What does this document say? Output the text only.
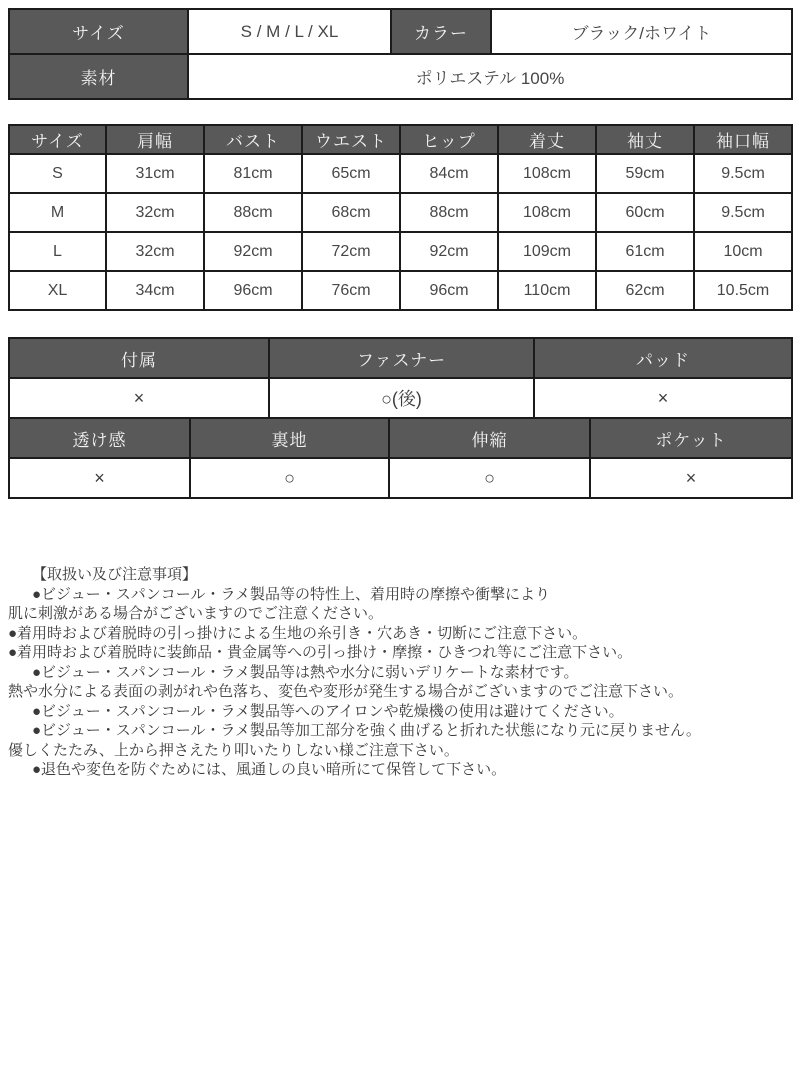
サイズ	S / M / L / XL	カラー	ブラック/ホワイト
素材	ポリエステル 100%		
サイズ	肩幅	バスト	ウエスト	ヒップ	着丈	袖丈	袖口幅
S	31cm	81cm	65cm	84cm	108cm	59cm	9.5cm
M	32cm	88cm	68cm	88cm	108cm	60cm	9.5cm
L	32cm	92cm	72cm	92cm	109cm	61cm	10cm
XL	34cm	96cm	76cm	96cm	110cm	62cm	10.5cm
付属	ファスナー	パッド
×	○(後)	×
透け感	裏地	伸縮	ポケット
×	○	○	×
【取扱い及び注意事項】
●ビジュー・スパンコール・ラメ製品等の特性上、着用時の摩擦や衝撃により
肌に刺激がある場合がございますのでご注意ください。
●着用時および着脱時の引っ掛けによる生地の糸引き・穴あき・切断にご注意下さい。
●着用時および着脱時に装飾品・貴金属等への引っ掛け・摩擦・ひきつれ等にご注意下さい。
●ビジュー・スパンコール・ラメ製品等は熱や水分に弱いデリケートな素材です。
熱や水分による表面の剥がれや色落ち、変色や変形が発生する場合がございますのでご注意下さい。
●ビジュー・スパンコール・ラメ製品等へのアイロンや乾燥機の使用は避けてください。
●ビジュー・スパンコール・ラメ製品等加工部分を強く曲げると折れた状態になり元に戻りません。
優しくたたみ、上から押さえたり叩いたりしない様ご注意下さい。
●退色や変色を防ぐためには、風通しの良い暗所にて保管して下さい。
